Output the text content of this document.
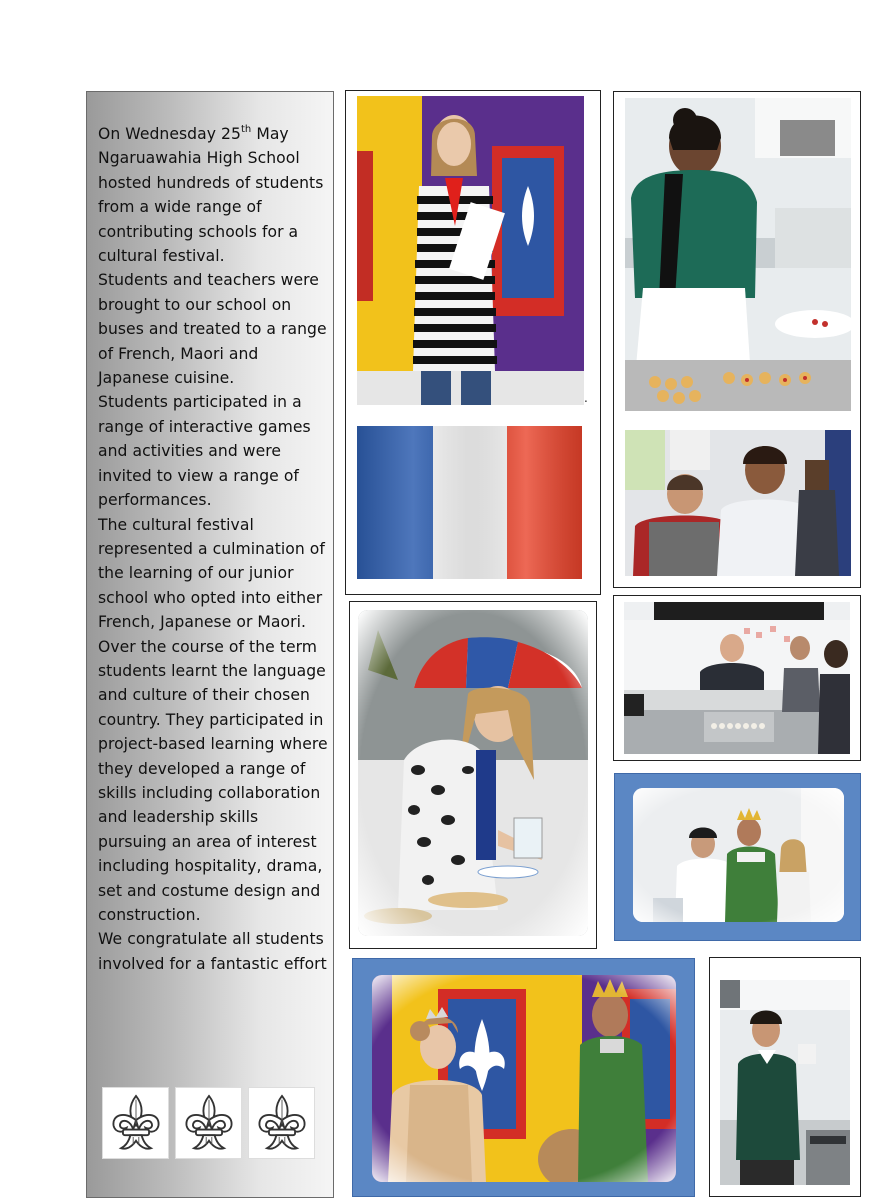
On Wednesday 25th May Ngaruawahia High School hosted hundreds of students from a wide range of contributing schools for a cultural festival.

Students and teachers were brought to our school on buses and treated to a range of French, Maori and Japanese cuisine.

Students participated in a range of interactive games and activities and were invited to view a range of performances.

The cultural festival represented a culmination of the learning of our junior school who opted into either French, Japanese or Maori.

Over the course of the term students learnt the language and culture of their chosen country. They participated in project-based learning where they developed a range of skills including collaboration and leadership skills pursuing an area of interest including hospitality, drama, set and costume design and construction.

We congratulate all students involved for a fantastic effort

.
